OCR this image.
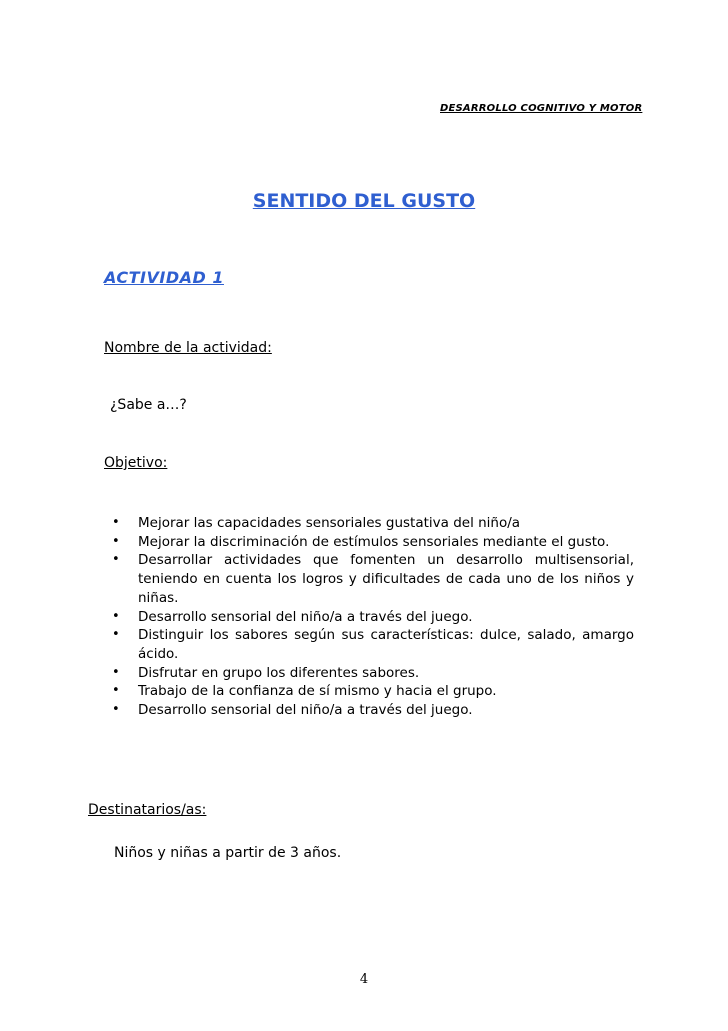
DESARROLLO COGNITIVO Y MOTOR
SENTIDO DEL GUSTO
ACTIVIDAD 1
Nombre de la actividad:
¿Sabe a…?
Objetivo:
• Mejorar las capacidades sensoriales gustativa del niño/a
• Mejorar la discriminación de estímulos sensoriales mediante el gusto.
• Desarrollar actividades que fomenten un desarrollo multisensorial, teniendo en cuenta los logros y dificultades de cada uno de los niños y niñas.
• Desarrollo sensorial del niño/a a través del juego.
• Distinguir los sabores según sus características: dulce, salado, amargo ácido.
• Disfrutar en grupo los diferentes sabores.
• Trabajo de la confianza de sí mismo y hacia el grupo.
• Desarrollo sensorial del niño/a a través del juego.
Destinatarios/as:
Niños y niñas a partir de 3 años.
4
